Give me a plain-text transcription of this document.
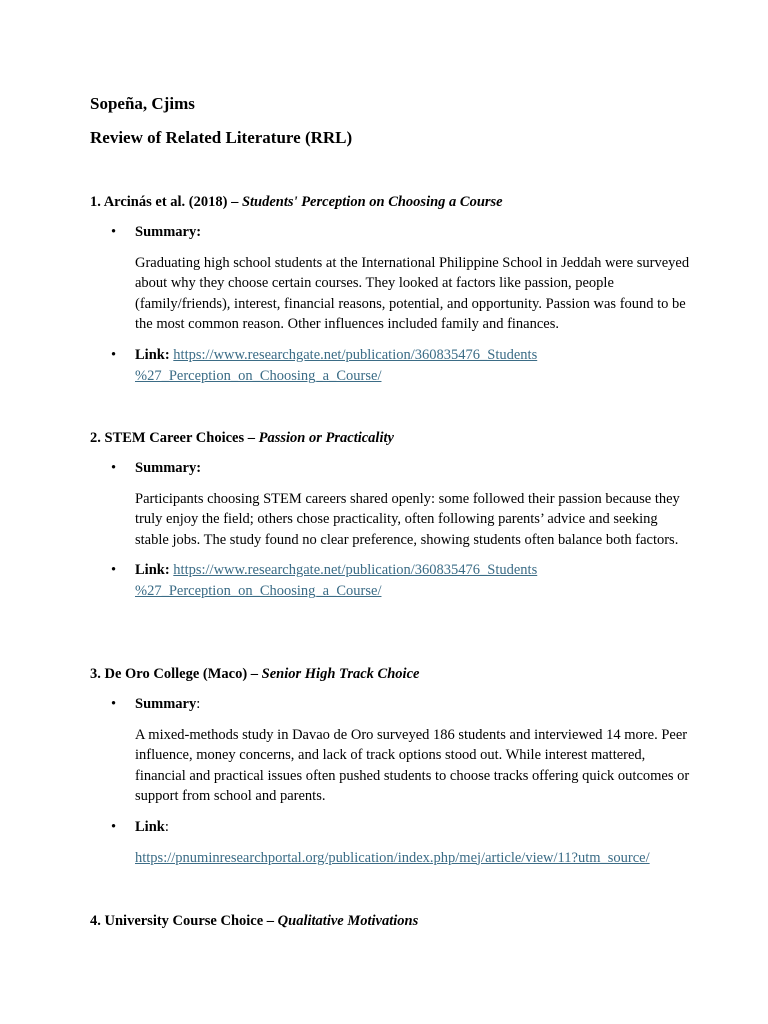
Sopeña, Cjims
Review of Related Literature (RRL)
1. Arcinás et al. (2018) – Students' Perception on Choosing a Course
• Summary:
Graduating high school students at the International Philippine School in Jeddah were surveyed about why they choose certain courses. They looked at factors like passion, people (family/friends), interest, financial reasons, potential, and opportunity. Passion was found to be the most common reason. Other influences included family and finances.
• Link: https://www.researchgate.net/publication/360835476_Students
%27_Perception_on_Choosing_a_Course/
2. STEM Career Choices – Passion or Practicality
• Summary:
Participants choosing STEM careers shared openly: some followed their passion because they truly enjoy the field; others chose practicality, often following parents’ advice and seeking stable jobs. The study found no clear preference, showing students often balance both factors.
• Link: https://www.researchgate.net/publication/360835476_Students
%27_Perception_on_Choosing_a_Course/
3. De Oro College (Maco) – Senior High Track Choice
• Summary:
A mixed-methods study in Davao de Oro surveyed 186 students and interviewed 14 more. Peer influence, money concerns, and lack of track options stood out. While interest mattered, financial and practical issues often pushed students to choose tracks offering quick outcomes or support from school and parents.
• Link:
https://pnuminresearchportal.org/publication/index.php/mej/article/view/11?utm_source/
4. University Course Choice – Qualitative Motivations
